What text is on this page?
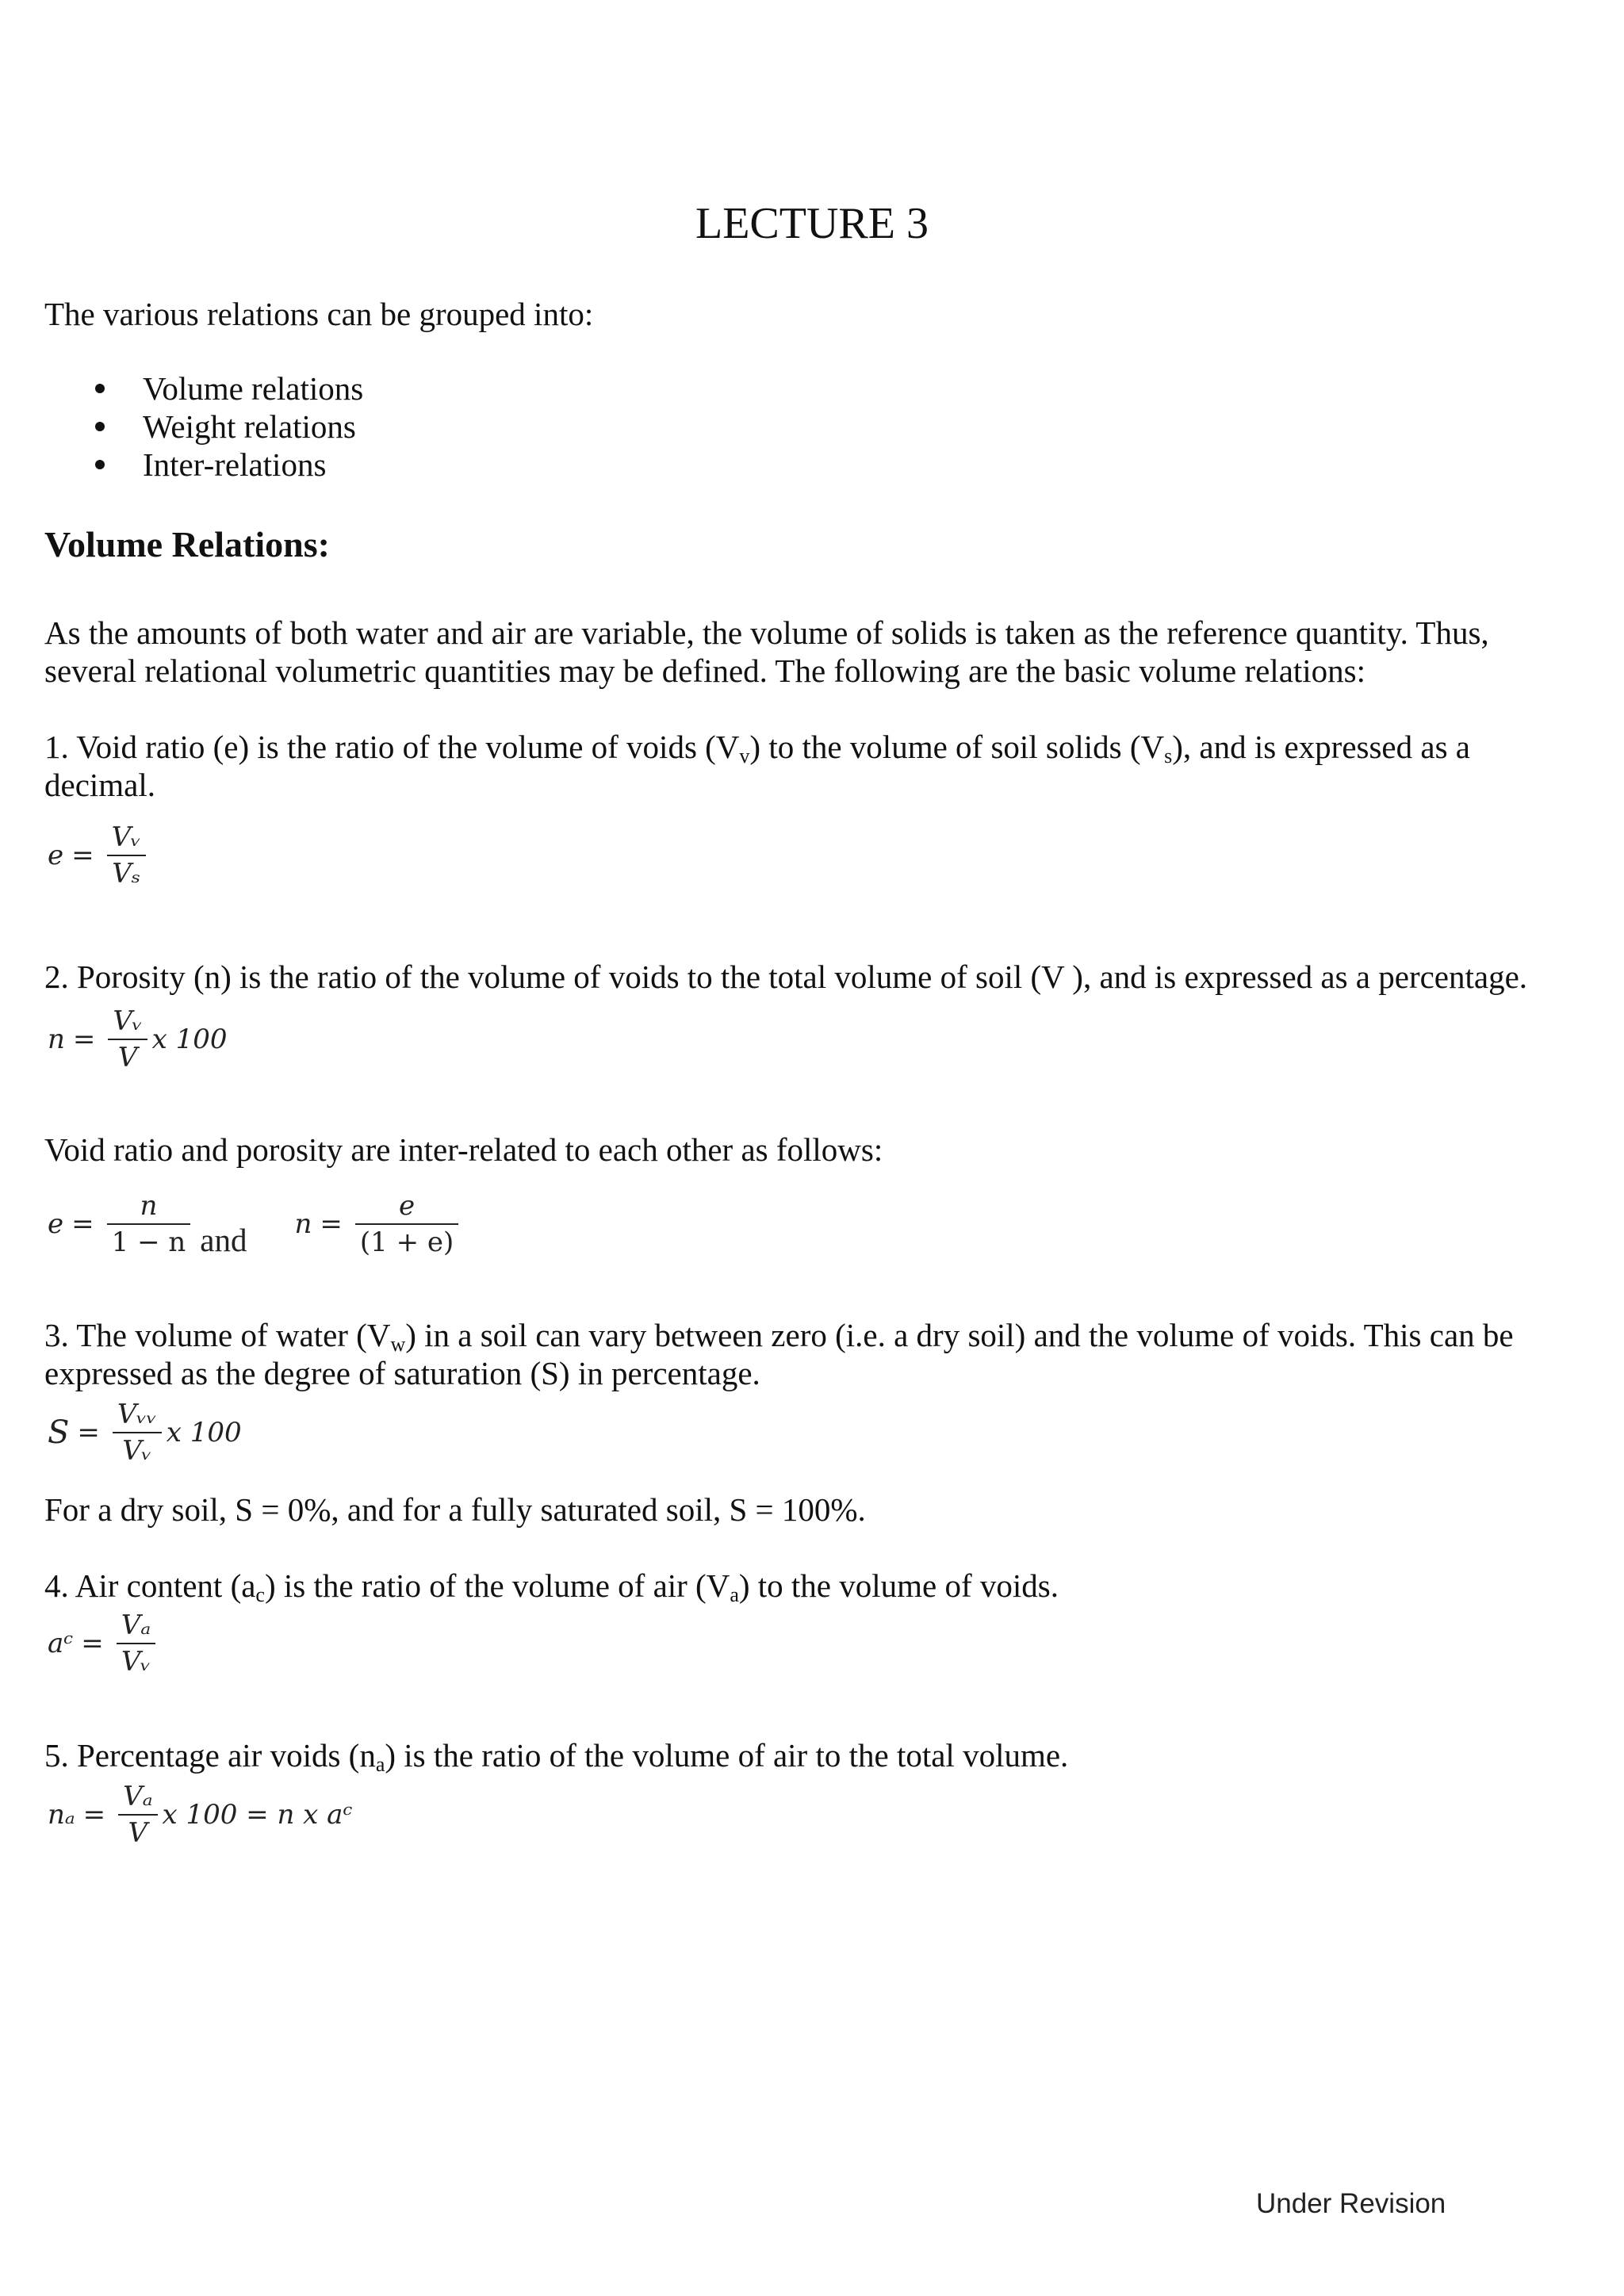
LECTURE 3
The various relations can be grouped into:
Volume relations
Weight relations
Inter-relations
Volume Relations:
As the amounts of both water and air are variable, the volume of solids is taken as the reference quantity. Thus, several relational volumetric quantities may be defined. The following are the basic volume relations:
1. Void ratio (e) is the ratio of the volume of voids $(V_v)$ to the volume of soil solids $(V_s)$, and is expressed as a decimal.
$e = \frac{\text{Vᵥ}}{\text{Vₛ}}$
2. Porosity (n) is the ratio of the volume of voids to the total volume of soil (V ), and is expressed as a percentage.
$n = \frac{\text{Vᵥ}}{V}$ x 100
Void ratio and porosity are inter-related to each other as follows:
$e = \frac{n}{1 - n}$ and $n = \frac{e}{(1 + e)}$
3. The volume of water $(V_w)$ in a soil can vary between zero (i.e. a dry soil) and the volume of voids. This can be expressed as the degree of saturation (S) in percentage.
$S = \frac{\text{Vᵥᵥ}}{\text{Vᵥ}}$ x 100
For a dry soil, S = 0%, and for a fully saturated soil, S = 100%.
4. Air content $(a_c)$ is the ratio of the volume of air $(V_a)$ to the volume of voids.
aᶜ = $\frac{\text{Vₐ}}{\text{Vᵥ}}$
5. Percentage air voids $(n_a)$ is the ratio of the volume of air to the total volume.
$n_a = \frac{\text{Vₐ}}{V}$ x 100 = n x aᶜ
Under Revision
